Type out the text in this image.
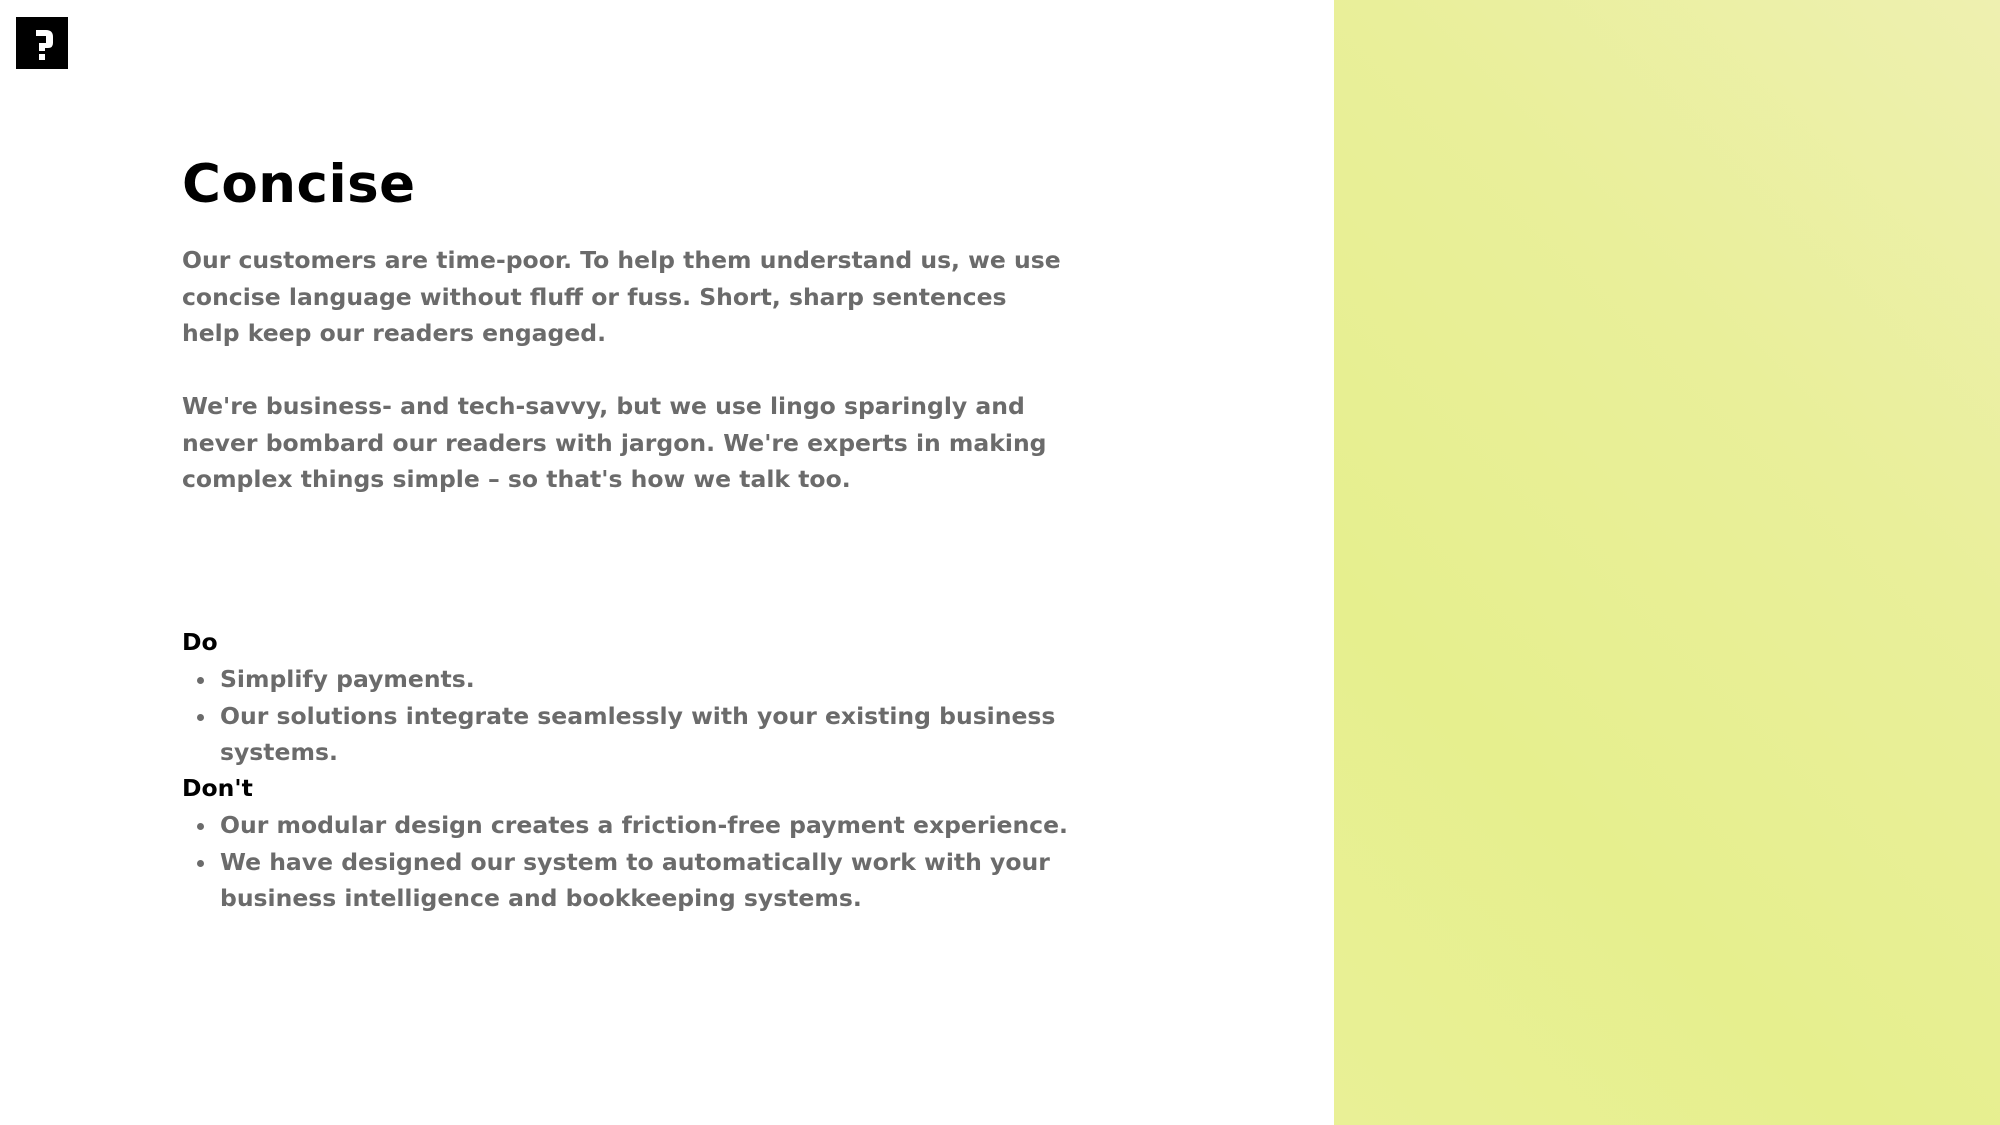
Concise

Our customers are time-poor. To help them understand us, we use concise language without fluff or fuss. Short, sharp sentences help keep our readers engaged.

We're business- and tech-savvy, but we use lingo sparingly and never bombard our readers with jargon. We're experts in making complex things simple – so that's how we talk too.

Do
Simplify payments.
Our solutions integrate seamlessly with your existing business systems.
Don't
Our modular design creates a friction-free payment experience.
We have designed our system to automatically work with your business intelligence and bookkeeping systems.
